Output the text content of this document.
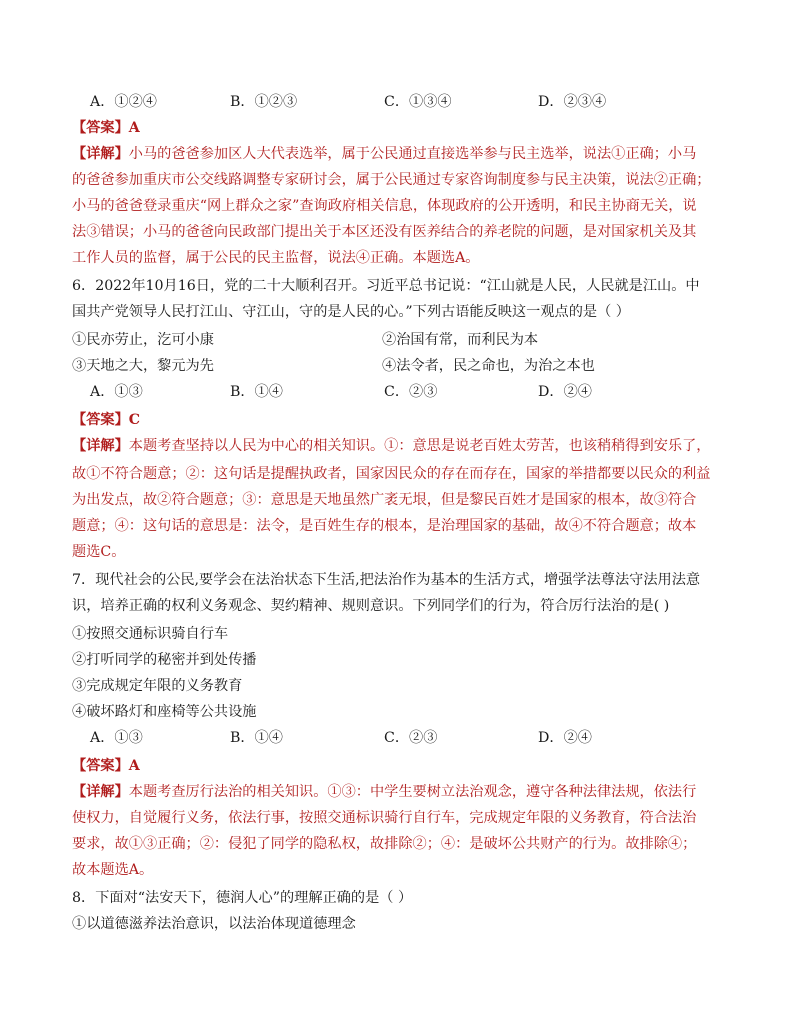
A．①②④	B．①②③	C．①③④	D．②③④
【答案】A
【详解】小马的爸爸参加区人大代表选举，属于公民通过直接选举参与民主选举，说法①正确；小马
的爸爸参加重庆市公交线路调整专家研讨会，属于公民通过专家咨询制度参与民主决策，说法②正确；
小马的爸爸登录重庆“网上群众之家”查询政府相关信息，体现政府的公开透明，和民主协商无关，说
法③错误；小马的爸爸向民政部门提出关于本区还没有医养结合的养老院的问题，是对国家机关及其
工作人员的监督，属于公民的民主监督，说法④正确。本题选A。
6．2022年10月16日，党的二十大顺利召开。习近平总书记说：“江山就是人民，人民就是江山。中
国共产党领导人民打江山、守江山，守的是人民的心。”下列古语能反映这一观点的是（ ）
①民亦劳止，汔可小康	②治国有常，而利民为本
③天地之大，黎元为先	④法令者，民之命也，为治之本也
A．①③	B．①④	C．②③	D．②④
【答案】C
【详解】本题考查坚持以人民为中心的相关知识。①：意思是说老百姓太劳苦，也该稍稍得到安乐了，
故①不符合题意；②：这句话是提醒执政者，国家因民众的存在而存在，国家的举措都要以民众的利益
为出发点，故②符合题意；③：意思是天地虽然广袤无垠，但是黎民百姓才是国家的根本，故③符合
题意；④：这句话的意思是：法令，是百姓生存的根本，是治理国家的基础，故④不符合题意；故本
题选C。
7．现代社会的公民,要学会在法治状态下生活,把法治作为基本的生活方式，增强学法尊法守法用法意
识，培养正确的权利义务观念、契约精神、规则意识。下列同学们的行为，符合厉行法治的是( )
①按照交通标识骑自行车
②打听同学的秘密并到处传播
③完成规定年限的义务教育
④破坏路灯和座椅等公共设施
A．①③	B．①④	C．②③	D．②④
【答案】A
【详解】本题考查厉行法治的相关知识。①③：中学生要树立法治观念，遵守各种法律法规，依法行
使权力，自觉履行义务，依法行事，按照交通标识骑行自行车，完成规定年限的义务教育，符合法治
要求，故①③正确；②：侵犯了同学的隐私权，故排除②；④：是破坏公共财产的行为。故排除④；
故本题选A。
8．下面对“法安天下，德润人心”的理解正确的是（ ）
①以道德滋养法治意识，以法治体现道德理念
